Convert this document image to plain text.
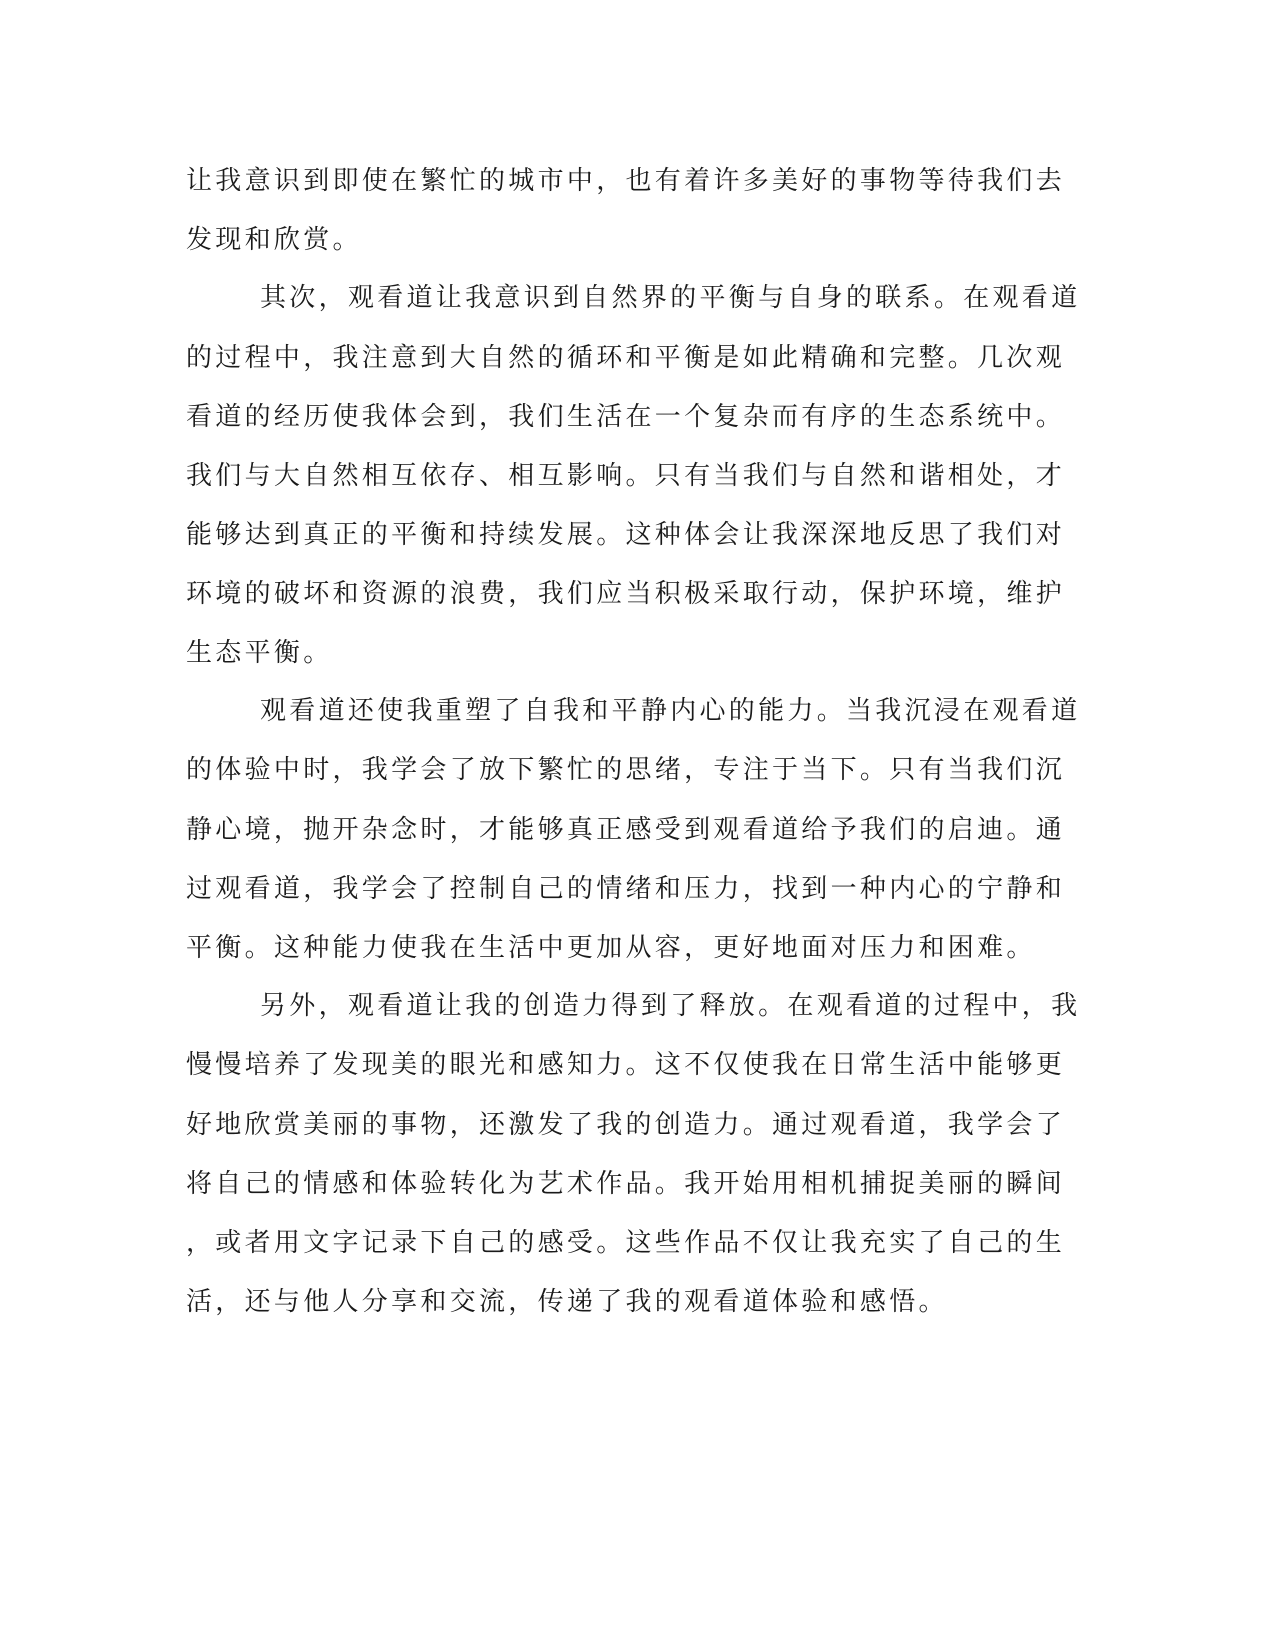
让我意识到即使在繁忙的城市中，也有着许多美好的事物等待我们去
发现和欣赏。
其次，观看道让我意识到自然界的平衡与自身的联系。在观看道
的过程中，我注意到大自然的循环和平衡是如此精确和完整。几次观
看道的经历使我体会到，我们生活在一个复杂而有序的生态系统中。
我们与大自然相互依存、相互影响。只有当我们与自然和谐相处，才
能够达到真正的平衡和持续发展。这种体会让我深深地反思了我们对
环境的破坏和资源的浪费，我们应当积极采取行动，保护环境，维护
生态平衡。
观看道还使我重塑了自我和平静内心的能力。当我沉浸在观看道
的体验中时，我学会了放下繁忙的思绪，专注于当下。只有当我们沉
静心境，抛开杂念时，才能够真正感受到观看道给予我们的启迪。通
过观看道，我学会了控制自己的情绪和压力，找到一种内心的宁静和
平衡。这种能力使我在生活中更加从容，更好地面对压力和困难。
另外，观看道让我的创造力得到了释放。在观看道的过程中，我
慢慢培养了发现美的眼光和感知力。这不仅使我在日常生活中能够更
好地欣赏美丽的事物，还激发了我的创造力。通过观看道，我学会了
将自己的情感和体验转化为艺术作品。我开始用相机捕捉美丽的瞬间
，或者用文字记录下自己的感受。这些作品不仅让我充实了自己的生
活，还与他人分享和交流，传递了我的观看道体验和感悟。
